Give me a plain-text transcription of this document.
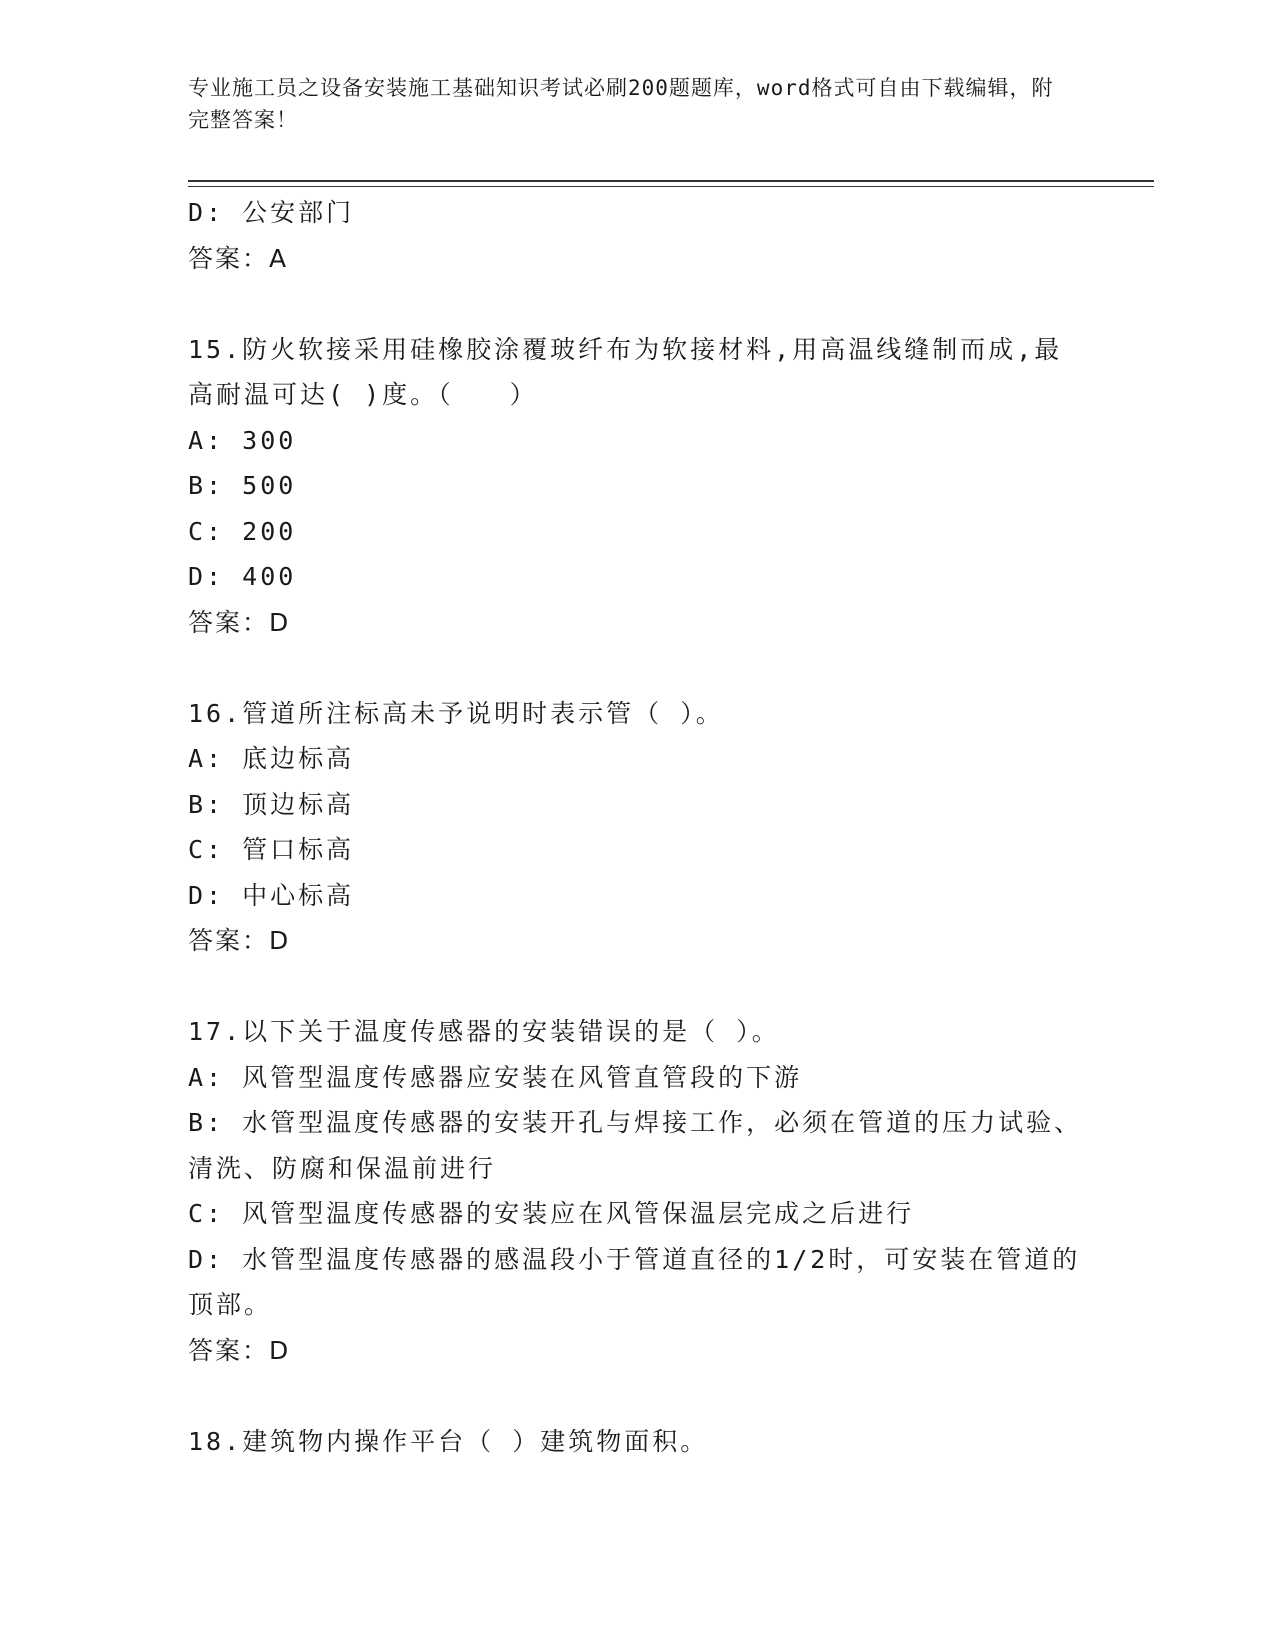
专业施工员之设备安装施工基础知识考试必刷200题题库，word格式可自由下载编辑，附完整答案！
D: 公安部门
答案：A
15.防火软接采用硅橡胶涂覆玻纤布为软接材料,用高温线缝制而成,最高耐温可达( )度。（　　）
A: 300
B: 500
C: 200
D: 400
答案：D
16.管道所注标高未予说明时表示管（ ）。
A: 底边标高
B: 顶边标高
C: 管口标高
D: 中心标高
答案：D
17.以下关于温度传感器的安装错误的是（ ）。
A: 风管型温度传感器应安装在风管直管段的下游
B: 水管型温度传感器的安装开孔与焊接工作，必须在管道的压力试验、清洗、防腐和保温前进行
C: 风管型温度传感器的安装应在风管保温层完成之后进行
D: 水管型温度传感器的感温段小于管道直径的1/2时，可安装在管道的顶部。
答案：D
18.建筑物内操作平台（ ）建筑物面积。
